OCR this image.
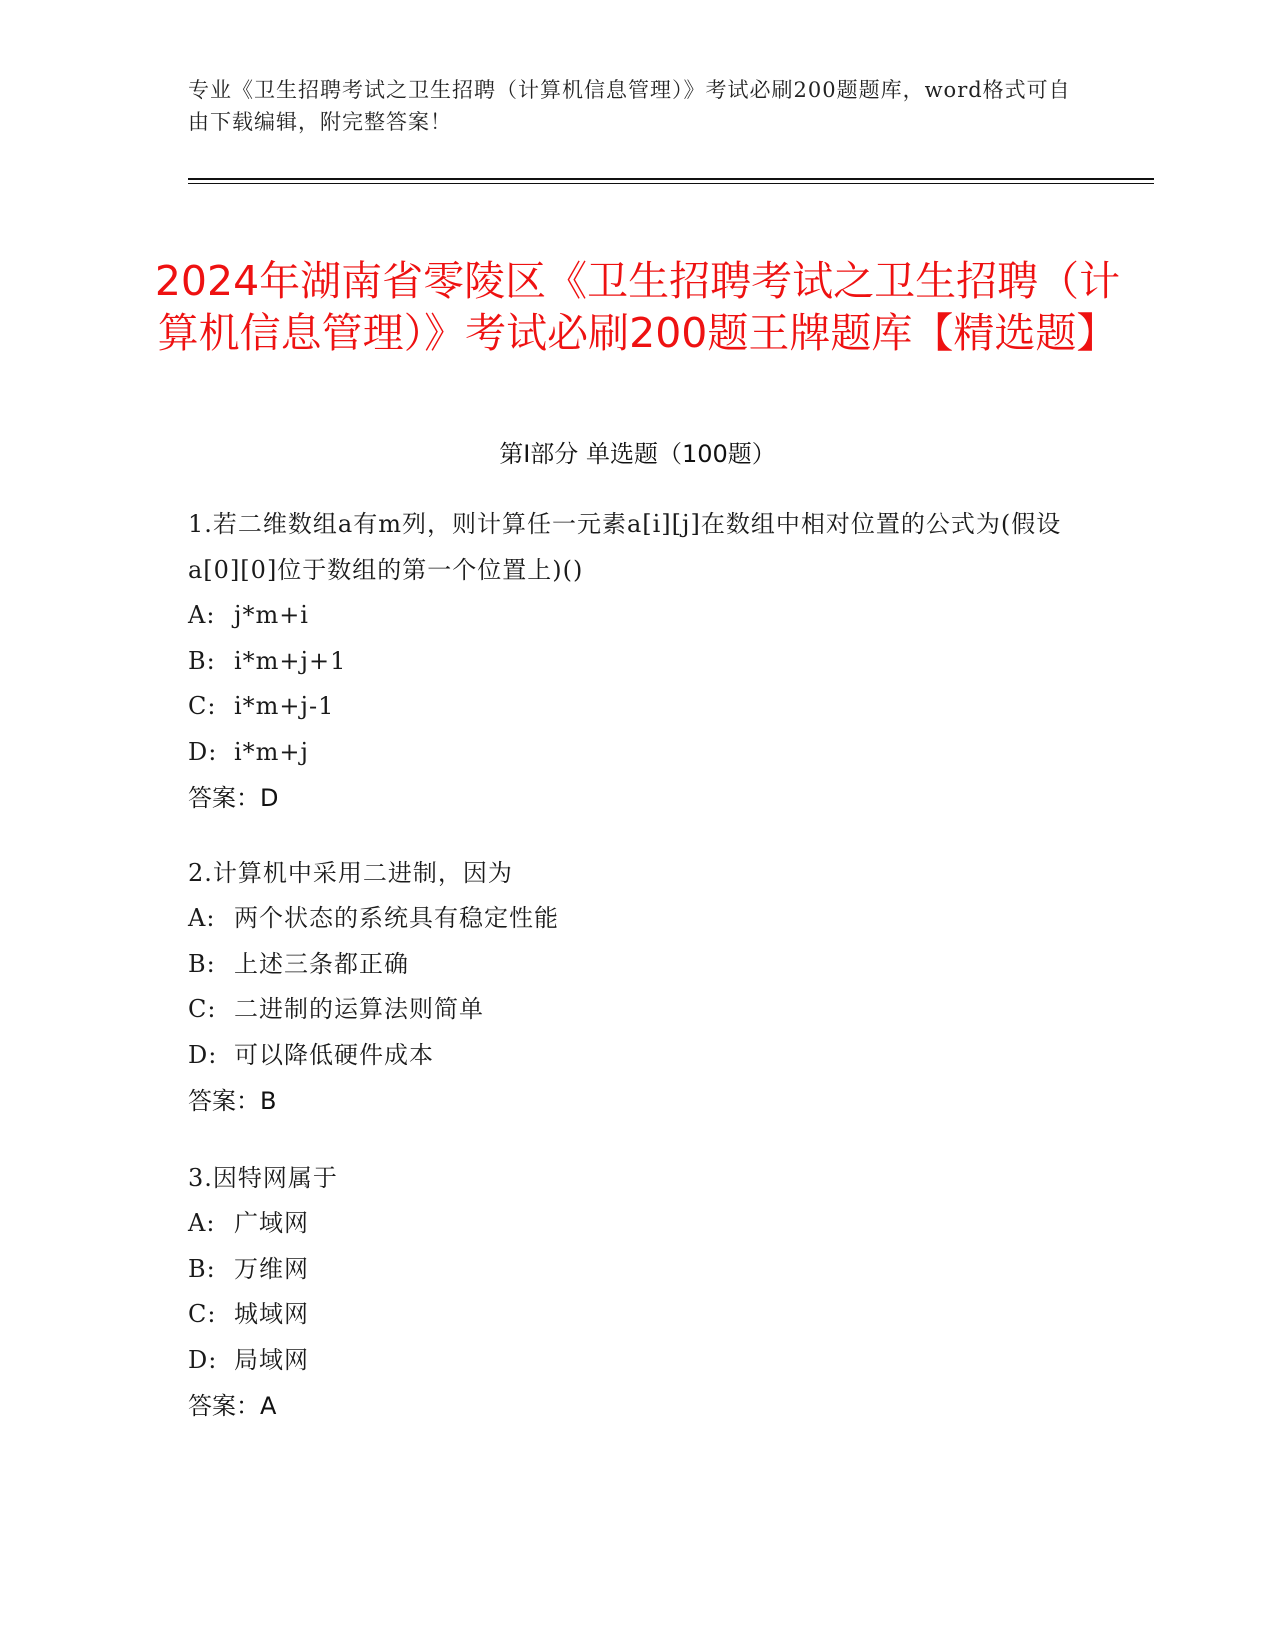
专业《卫生招聘考试之卫生招聘（计算机信息管理）》考试必刷200题题库，word格式可自由下载编辑，附完整答案！
2024年湖南省零陵区《卫生招聘考试之卫生招聘（计算机信息管理）》考试必刷200题王牌题库【精选题】
第Ⅰ部分 单选题（100题）
1.若二维数组a有m列，则计算任一元素a[i][j]在数组中相对位置的公式为(假设a[0][0]位于数组的第一个位置上)()
A: j*m+i
B: i*m+j+1
C: i*m+j-1
D: i*m+j
答案：D
2.计算机中采用二进制，因为
A: 两个状态的系统具有稳定性能
B: 上述三条都正确
C: 二进制的运算法则简单
D: 可以降低硬件成本
答案：B
3.因特网属于
A: 广域网
B: 万维网
C: 城域网
D: 局域网
答案：A
